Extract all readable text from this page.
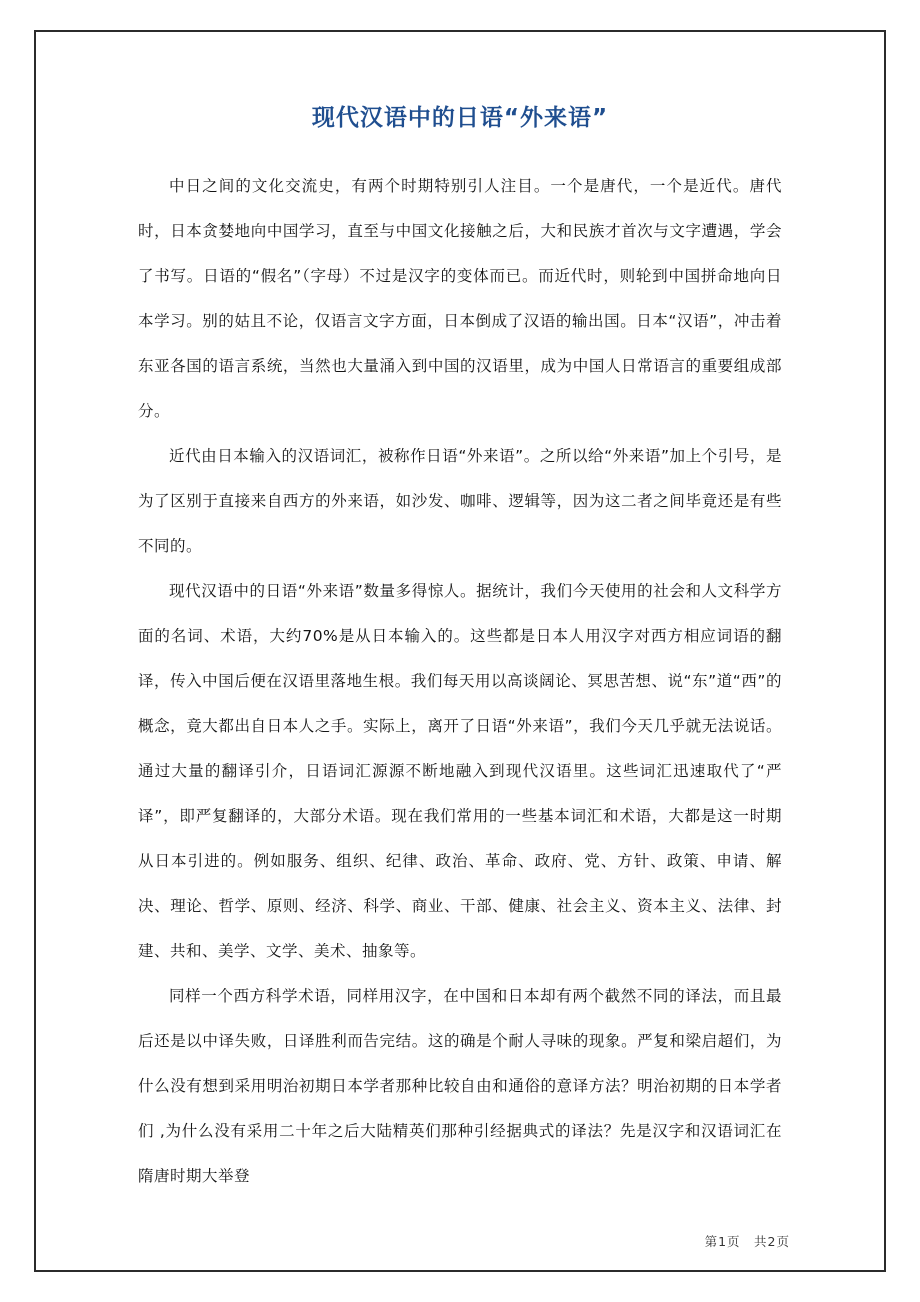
现代汉语中的日语“外来语”

中日之间的文化交流史，有两个时期特别引人注目。一个是唐代，一个是近代。唐代时，日本贪婪地向中国学习，直至与中国文化接触之后，大和民族才首次与文字遭遇，学会了书写。日语的“假名”（字母）不过是汉字的变体而已。而近代时，则轮到中国拼命地向日本学习。别的姑且不论，仅语言文字方面，日本倒成了汉语的输出国。日本“汉语”，冲击着东亚各国的语言系统，当然也大量涌入到中国的汉语里，成为中国人日常语言的重要组成部分。

近代由日本输入的汉语词汇，被称作日语“外来语”。之所以给“外来语”加上个引号，是为了区别于直接来自西方的外来语，如沙发、咖啡、逻辑等，因为这二者之间毕竟还是有些不同的。

现代汉语中的日语“外来语”数量多得惊人。据统计，我们今天使用的社会和人文科学方面的名词、术语，大约70%是从日本输入的。这些都是日本人用汉字对西方相应词语的翻译，传入中国后便在汉语里落地生根。我们每天用以高谈阔论、冥思苦想、说“东”道“西”的概念，竟大都出自日本人之手。实际上，离开了日语“外来语”，我们今天几乎就无法说话。通过大量的翻译引介，日语词汇源源不断地融入到现代汉语里。这些词汇迅速取代了“严译”，即严复翻译的，大部分术语。现在我们常用的一些基本词汇和术语，大都是这一时期从日本引进的。例如服务、组织、纪律、政治、革命、政府、党、方针、政策、申请、解决、理论、哲学、原则、经济、科学、商业、干部、健康、社会主义、资本主义、法律、封建、共和、美学、文学、美术、抽象等。

同样一个西方科学术语，同样用汉字，在中国和日本却有两个截然不同的译法，而且最后还是以中译失败，日译胜利而告完结。这的确是个耐人寻味的现象。严复和梁启超们，为什么没有想到采用明治初期日本学者那种比较自由和通俗的意译方法？明治初期的日本学者们 ,为什么没有采用二十年之后大陆精英们那种引经据典式的译法？先是汉字和汉语词汇在隋唐时期大举登

第1页　共2页
